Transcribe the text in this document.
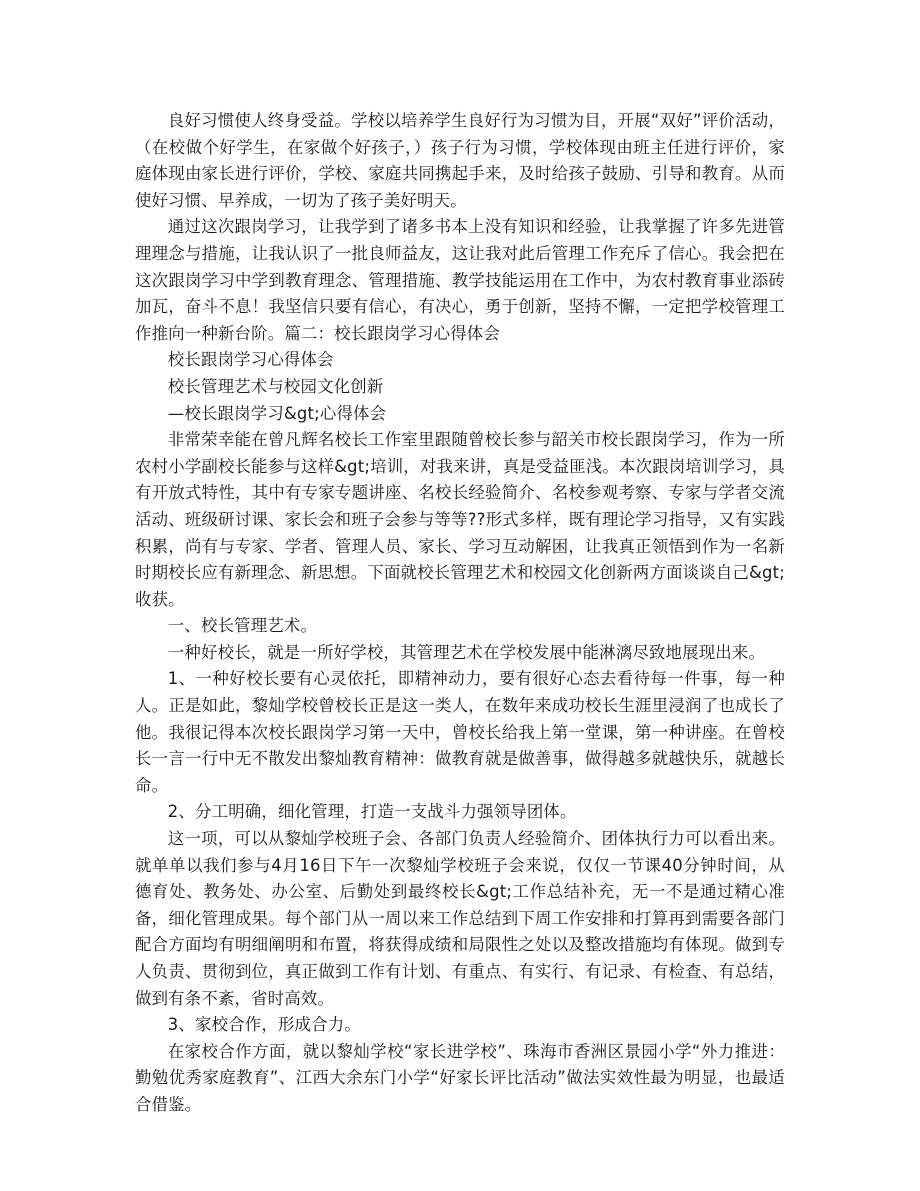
良好习惯使人终身受益。学校以培养学生良好行为习惯为目，开展“双好”评价活动，（在校做个好学生，在家做个好孩子，）孩子行为习惯，学校体现由班主任进行评价，家庭体现由家长进行评价，学校、家庭共同携起手来，及时给孩子鼓励、引导和教育。从而使好习惯、早养成，一切为了孩子美好明天。

通过这次跟岗学习，让我学到了诸多书本上没有知识和经验，让我掌握了许多先进管理理念与措施，让我认识了一批良师益友，这让我对此后管理工作充斥了信心。我会把在这次跟岗学习中学到教育理念、管理措施、教学技能运用在工作中，为农村教育事业添砖加瓦，奋斗不息！我坚信只要有信心，有决心，勇于创新，坚持不懈，一定把学校管理工作推向一种新台阶。篇二：校长跟岗学习心得体会

校长跟岗学习心得体会

校长管理艺术与校园文化创新

—校长跟岗学习&gt;心得体会

非常荣幸能在曾凡辉名校长工作室里跟随曾校长参与韶关市校长跟岗学习，作为一所农村小学副校长能参与这样&gt;培训，对我来讲，真是受益匪浅。本次跟岗培训学习，具有开放式特性，其中有专家专题讲座、名校长经验简介、名校参观考察、专家与学者交流活动、班级研讨课、家长会和班子会参与等等??形式多样，既有理论学习指导，又有实践积累，尚有与专家、学者、管理人员、家长、学习互动解困，让我真正领悟到作为一名新时期校长应有新理念、新思想。下面就校长管理艺术和校园文化创新两方面谈谈自己&gt;收获。

一、校长管理艺术。

一种好校长，就是一所好学校，其管理艺术在学校发展中能淋漓尽致地展现出来。

1、一种好校长要有心灵依托，即精神动力，要有很好心态去看待每一件事，每一种人。正是如此，黎灿学校曾校长正是这一类人，在数年来成功校长生涯里浸润了也成长了他。我很记得本次校长跟岗学习第一天中，曾校长给我上第一堂课，第一种讲座。在曾校长一言一行中无不散发出黎灿教育精神：做教育就是做善事，做得越多就越快乐，就越长命。

2、分工明确，细化管理，打造一支战斗力强领导团体。

这一项，可以从黎灿学校班子会、各部门负责人经验简介、团体执行力可以看出来。就单单以我们参与4月16日下午一次黎灿学校班子会来说，仅仅一节课40分钟时间，从德育处、教务处、办公室、后勤处到最终校长&gt;工作总结补充，无一不是通过精心准备，细化管理成果。每个部门从一周以来工作总结到下周工作安排和打算再到需要各部门配合方面均有明细阐明和布置，将获得成绩和局限性之处以及整改措施均有体现。做到专人负责、贯彻到位，真正做到工作有计划、有重点、有实行、有记录、有检查、有总结，做到有条不紊，省时高效。

3、家校合作，形成合力。

在家校合作方面，就以黎灿学校“家长进学校”、珠海市香洲区景园小学“外力推进：勤勉优秀家庭教育”、江西大余东门小学“好家长评比活动”做法实效性最为明显，也最适合借鉴。
